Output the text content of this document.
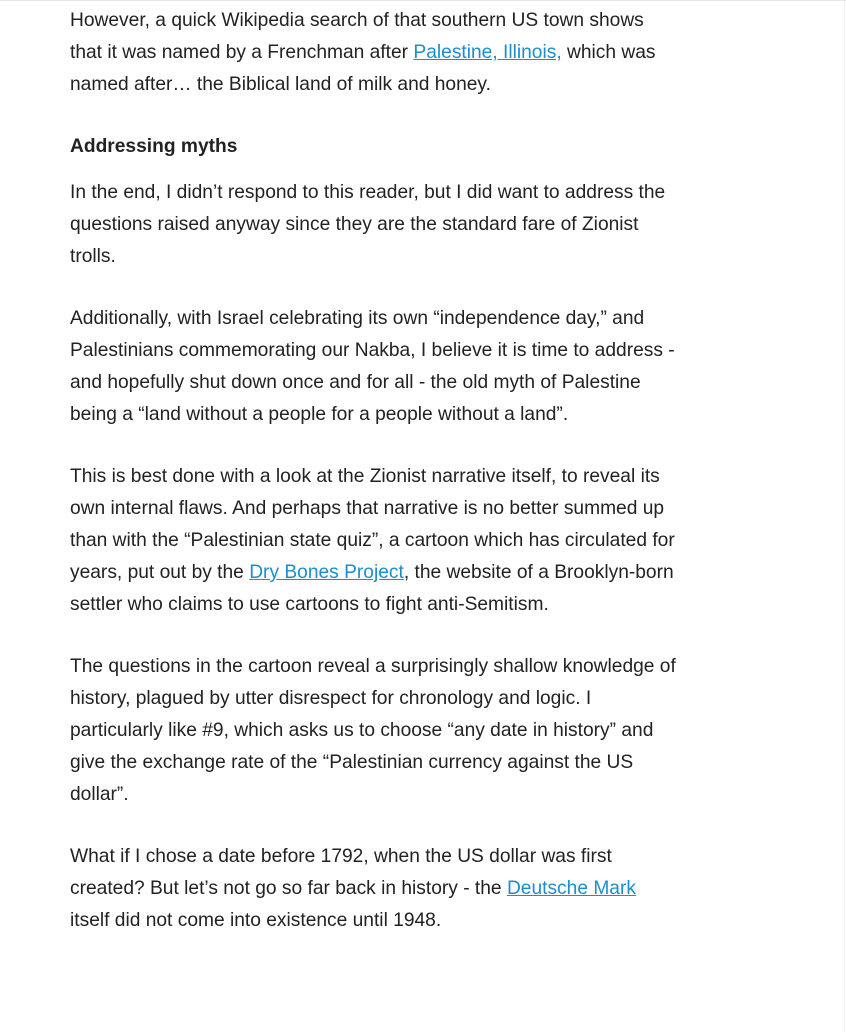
However, a quick Wikipedia search of that southern US town shows that it was named by a Frenchman after Palestine, Illinois, which was named after… the Biblical land of milk and honey.

Addressing myths

In the end, I didn’t respond to this reader, but I did want to address the questions raised anyway since they are the standard fare of Zionist trolls.

Additionally, with Israel celebrating its own “independence day,” and Palestinians commemorating our Nakba, I believe it is time to address - and hopefully shut down once and for all - the old myth of Palestine being a “land without a people for a people without a land”.

This is best done with a look at the Zionist narrative itself, to reveal its own internal flaws. And perhaps that narrative is no better summed up than with the “Palestinian state quiz”, a cartoon which has circulated for years, put out by the Dry Bones Project, the website of a Brooklyn-born settler who claims to use cartoons to fight anti-Semitism.

The questions in the cartoon reveal a surprisingly shallow knowledge of history, plagued by utter disrespect for chronology and logic. I particularly like #9, which asks us to choose “any date in history” and give the exchange rate of the “Palestinian currency against the US dollar”.

What if I chose a date before 1792, when the US dollar was first created? But let’s not go so far back in history - the Deutsche Mark itself did not come into existence until 1948.
